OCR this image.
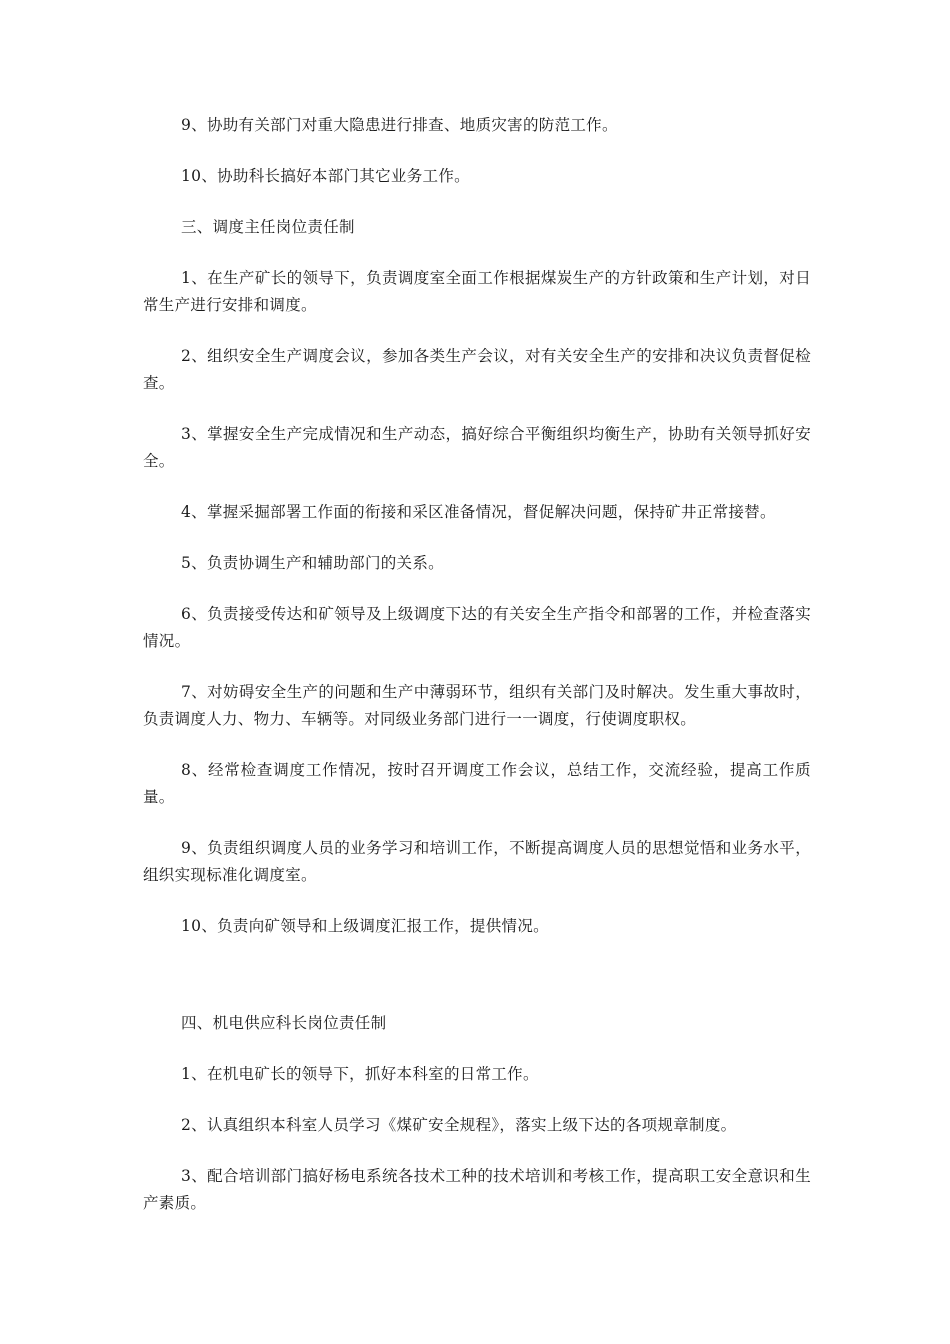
9、协助有关部门对重大隐患进行排查、地质灾害的防范工作。

10、协助科长搞好本部门其它业务工作。

三、调度主任岗位责任制

1、在生产矿长的领导下，负责调度室全面工作根据煤炭生产的方针政策和生产计划，对日常生产进行安排和调度。

2、组织安全生产调度会议，参加各类生产会议，对有关安全生产的安排和决议负责督促检查。

3、掌握安全生产完成情况和生产动态，搞好综合平衡组织均衡生产，协助有关领导抓好安全。

4、掌握采掘部署工作面的衔接和采区准备情况，督促解决问题，保持矿井正常接替。

5、负责协调生产和辅助部门的关系。

6、负责接受传达和矿领导及上级调度下达的有关安全生产指令和部署的工作，并检查落实情况。

7、对妨碍安全生产的问题和生产中薄弱环节，组织有关部门及时解决。发生重大事故时，负责调度人力、物力、车辆等。对同级业务部门进行一一调度，行使调度职权。

8、经常检查调度工作情况，按时召开调度工作会议，总结工作，交流经验，提高工作质量。

9、负责组织调度人员的业务学习和培训工作，不断提高调度人员的思想觉悟和业务水平，组织实现标准化调度室。

10、负责向矿领导和上级调度汇报工作，提供情况。

四、机电供应科长岗位责任制

1、在机电矿长的领导下，抓好本科室的日常工作。

2、认真组织本科室人员学习《煤矿安全规程》，落实上级下达的各项规章制度。

3、配合培训部门搞好杨电系统各技术工种的技术培训和考核工作，提高职工安全意识和生产素质。
